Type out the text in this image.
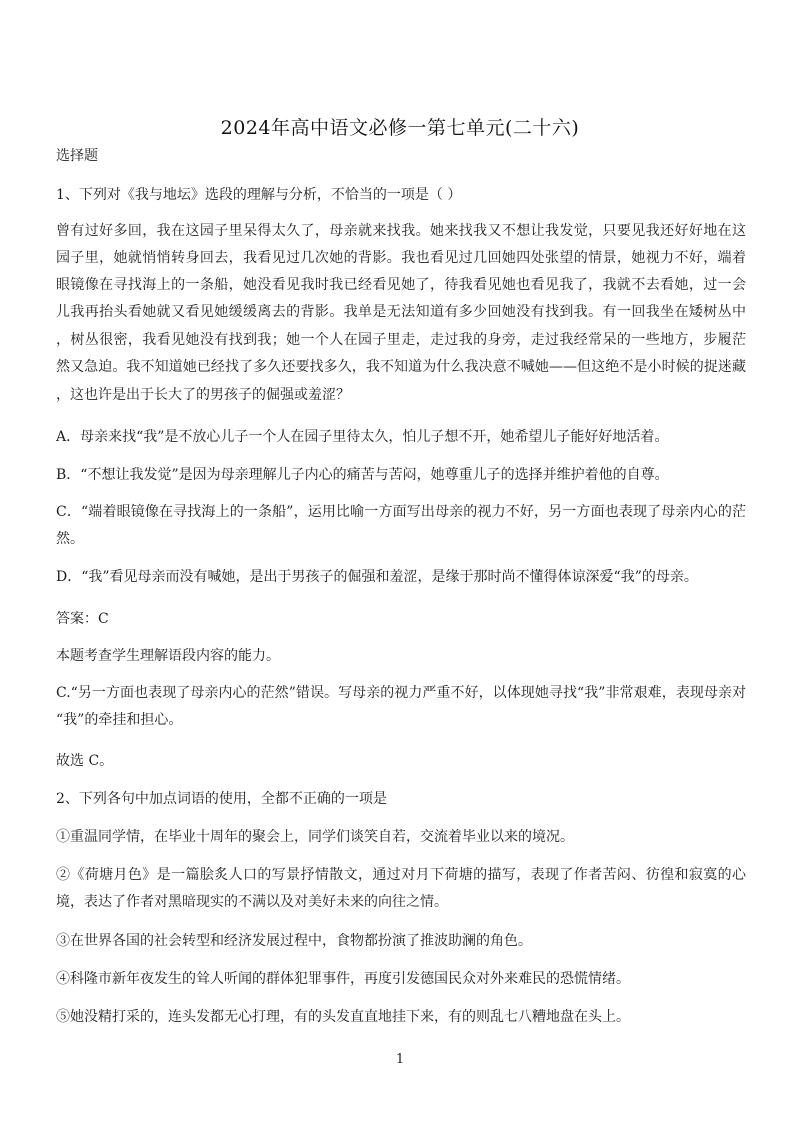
2024年高中语文必修一第七单元(二十六)
选择题
1、下列对《我与地坛》选段的理解与分析，不恰当的一项是（ ）
曾有过好多回，我在这园子里呆得太久了，母亲就来找我。她来找我又不想让我发觉，只要见我还好好地在这
园子里，她就悄悄转身回去，我看见过几次她的背影。我也看见过几回她四处张望的情景，她视力不好，端着
眼镜像在寻找海上的一条船，她没看见我时我已经看见她了，待我看见她也看见我了，我就不去看她，过一会
儿我再抬头看她就又看见她缓缓离去的背影。我单是无法知道有多少回她没有找到我。有一回我坐在矮树丛中
，树丛很密，我看见她没有找到我；她一个人在园子里走，走过我的身旁，走过我经常呆的一些地方，步履茫
然又急迫。我不知道她已经找了多久还要找多久，我不知道为什么我决意不喊她——但这绝不是小时候的捉迷藏
，这也许是出于长大了的男孩子的倔强或羞涩？
A．母亲来找“我”是不放心儿子一个人在园子里待太久，怕儿子想不开，她希望儿子能好好地活着。
B．“不想让我发觉”是因为母亲理解儿子内心的痛苦与苦闷，她尊重儿子的选择并维护着他的自尊。
C．“端着眼镜像在寻找海上的一条船”，运用比喻一方面写出母亲的视力不好，另一方面也表现了母亲内心的茫
然。
D．“我”看见母亲而没有喊她，是出于男孩子的倔强和羞涩，是缘于那时尚不懂得体谅深爱“我”的母亲。
答案：C
本题考查学生理解语段内容的能力。
C.“另一方面也表现了母亲内心的茫然”错误。写母亲的视力严重不好，以体现她寻找“我”非常艰难，表现母亲对
“我”的牵挂和担心。
故选 C。
2、下列各句中加点词语的使用，全都不正确的一项是
①重温同学情，在毕业十周年的聚会上，同学们谈笑自若，交流着毕业以来的境况。
②《荷塘月色》是一篇脍炙人口的写景抒情散文，通过对月下荷塘的描写，表现了作者苦闷、彷徨和寂寞的心
境，表达了作者对黑暗现实的不满以及对美好未来的向往之情。
③在世界各国的社会转型和经济发展过程中，食物都扮演了推波助澜的角色。
④科隆市新年夜发生的耸人听闻的群体犯罪事件，再度引发德国民众对外来难民的恐慌情绪。
⑤她没精打采的，连头发都无心打理，有的头发直直地挂下来，有的则乱七八糟地盘在头上。
1
